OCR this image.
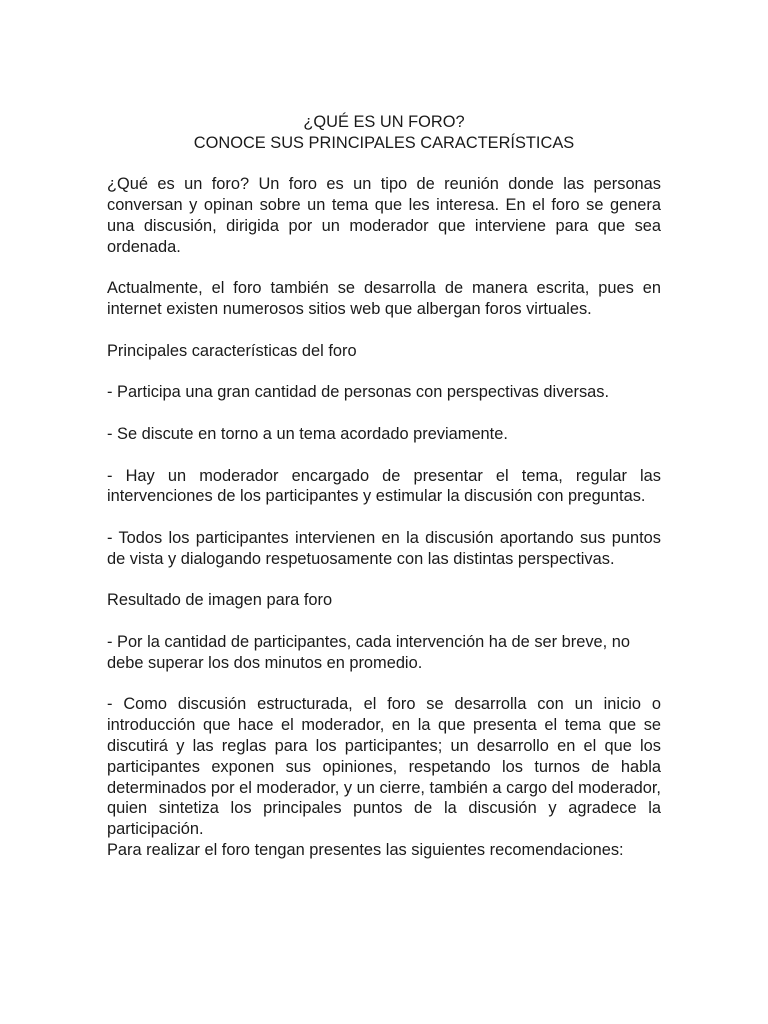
¿QUÉ ES UN FORO?
CONOCE SUS PRINCIPALES CARACTERÍSTICAS

¿Qué es un foro? Un foro es un tipo de reunión donde las personas conversan y opinan sobre un tema que les interesa. En el foro se genera una discusión, dirigida por un moderador que interviene para que sea ordenada.

Actualmente, el foro también se desarrolla de manera escrita, pues en internet existen numerosos sitios web que albergan foros virtuales.

Principales características del foro

- Participa una gran cantidad de personas con perspectivas diversas.

- Se discute en torno a un tema acordado previamente.

- Hay un moderador encargado de presentar el tema, regular las intervenciones de los participantes y estimular la discusión con preguntas.

- Todos los participantes intervienen en la discusión aportando sus puntos de vista y dialogando respetuosamente con las distintas perspectivas.

Resultado de imagen para foro

- Por la cantidad de participantes, cada intervención ha de ser breve, no debe superar los dos minutos en promedio.

- Como discusión estructurada, el foro se desarrolla con un inicio o introducción que hace el moderador, en la que presenta el tema que se discutirá y las reglas para los participantes; un desarrollo en el que los participantes exponen sus opiniones, respetando los turnos de habla determinados por el moderador, y un cierre, también a cargo del moderador, quien sintetiza los principales puntos de la discusión y agradece la participación.

Para realizar el foro tengan presentes las siguientes recomendaciones:
